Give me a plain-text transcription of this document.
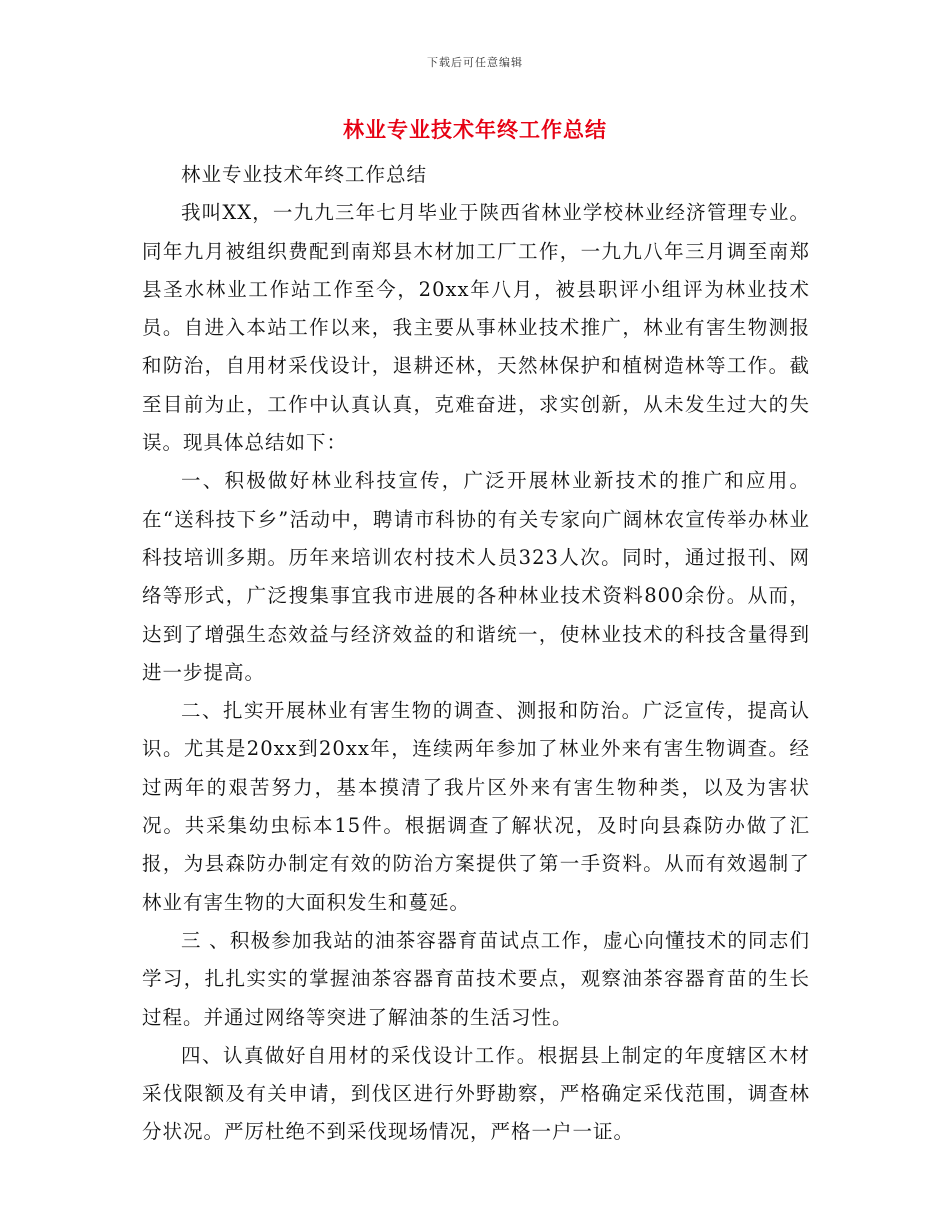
下载后可任意编辑
林业专业技术年终工作总结

林业专业技术年终工作总结

我叫XX，一九九三年七月毕业于陕西省林业学校林业经济管理专业。同年九月被组织费配到南郑县木材加工厂工作，一九九八年三月调至南郑县圣水林业工作站工作至今，20xx年八月，被县职评小组评为林业技术员。自进入本站工作以来，我主要从事林业技术推广，林业有害生物测报和防治，自用材采伐设计，退耕还林，天然林保护和植树造林等工作。截至目前为止，工作中认真认真，克难奋进，求实创新，从未发生过大的失误。现具体总结如下：

一、积极做好林业科技宣传，广泛开展林业新技术的推广和应用。在“送科技下乡”活动中，聘请市科协的有关专家向广阔林农宣传举办林业科技培训多期。历年来培训农村技术人员323人次。同时，通过报刊、网络等形式，广泛搜集事宜我市进展的各种林业技术资料800余份。从而，达到了增强生态效益与经济效益的和谐统一，使林业技术的科技含量得到进一步提高。

二、扎实开展林业有害生物的调查、测报和防治。广泛宣传，提高认识。尤其是20xx到20xx年，连续两年参加了林业外来有害生物调查。经过两年的艰苦努力，基本摸清了我片区外来有害生物种类，以及为害状况。共采集幼虫标本15件。根据调查了解状况，及时向县森防办做了汇报，为县森防办制定有效的防治方案提供了第一手资料。从而有效遏制了林业有害生物的大面积发生和蔓延。

三 、积极参加我站的油茶容器育苗试点工作，虚心向懂技术的同志们学习，扎扎实实的掌握油茶容器育苗技术要点，观察油茶容器育苗的生长过程。并通过网络等突进了解油茶的生活习性。

四、认真做好自用材的采伐设计工作。根据县上制定的年度辖区木材采伐限额及有关申请，到伐区进行外野勘察，严格确定采伐范围，调查林分状况。严厉杜绝不到采伐现场情况，严格一户一证。
